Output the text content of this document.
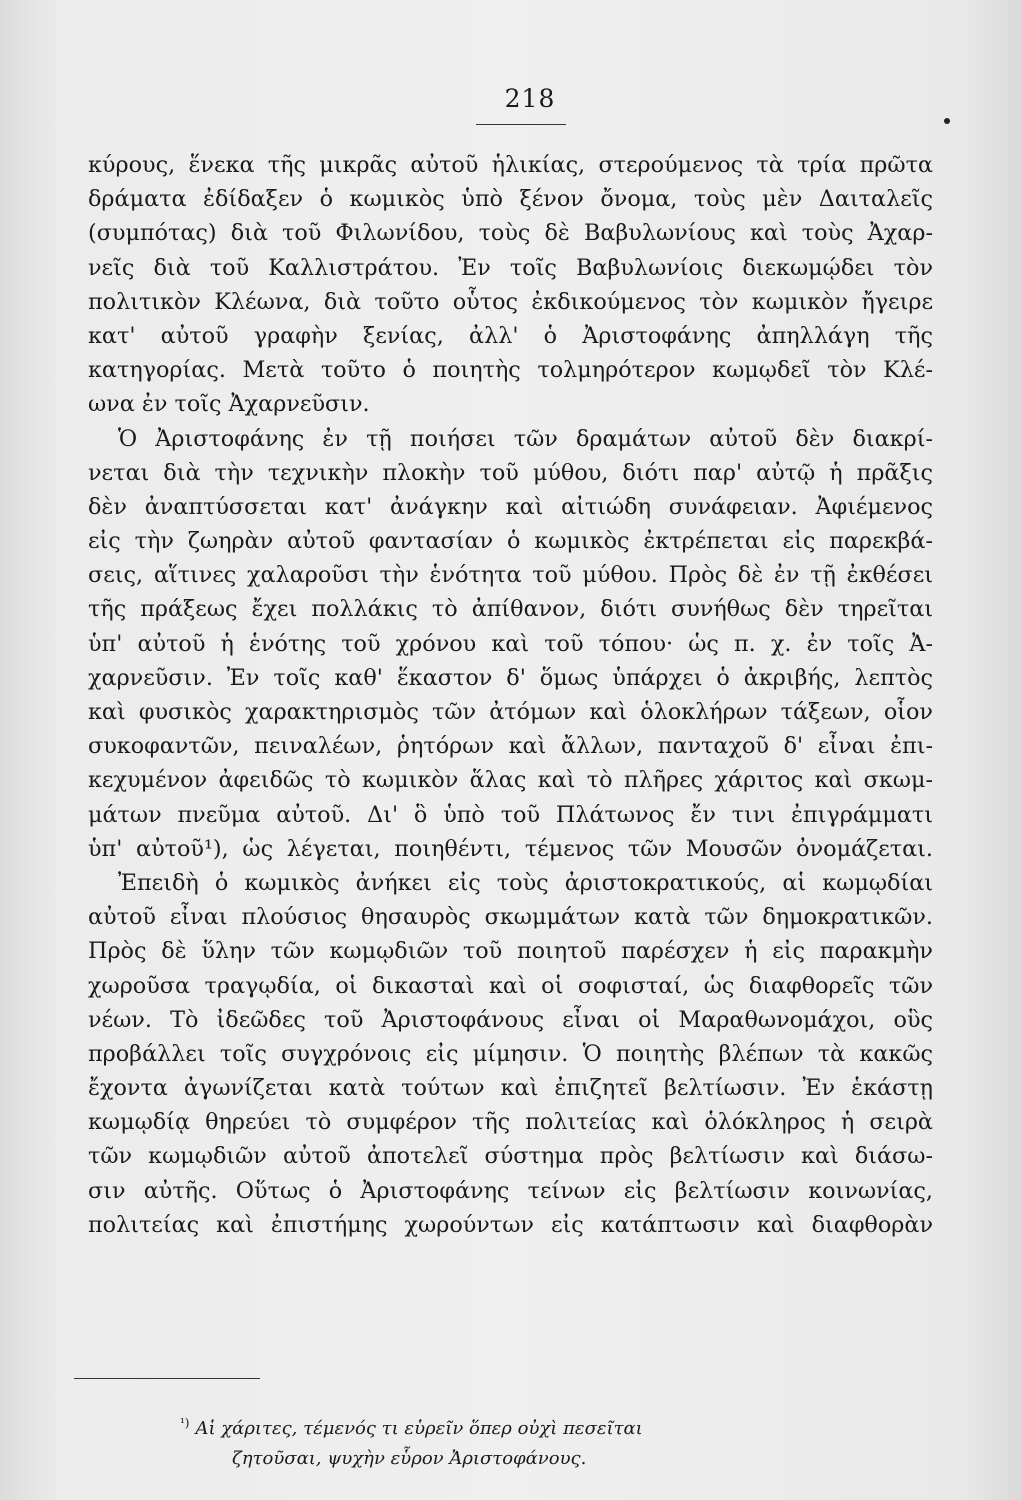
218
κύρους, ἕνεκα τῆς μικρᾶς αὐτοῦ ἡλικίας, στερούμενος τὰ τρία πρῶτα
δράματα ἐδίδαξεν ὁ κωμικὸς ὑπὸ ξένον ὄνομα, τοὺς μὲν Δαιταλεῖς
(συμπότας) διὰ τοῦ Φιλωνίδου, τοὺς δὲ Βαβυλωνίους καὶ τοὺς Ἀχαρ-
νεῖς διὰ τοῦ Καλλιστράτου. Ἐν τοῖς Βαβυλωνίοις διεκωμῴδει τὸν
πολιτικὸν Κλέωνα, διὰ τοῦτο οὗτος ἐκδικούμενος τὸν κωμικὸν ἤγειρε
κατ' αὐτοῦ γραφὴν ξενίας, ἀλλ' ὁ Ἀριστοφάνης ἀπηλλάγη τῆς
κατηγορίας. Μετὰ τοῦτο ὁ ποιητὴς τολμηρότερον κωμῳδεῖ τὸν Κλέ-
ωνα ἐν τοῖς Ἀχαρνεῦσιν.
Ὁ Ἀριστοφάνης ἐν τῇ ποιήσει τῶν δραμάτων αὐτοῦ δὲν διακρί-
νεται διὰ τὴν τεχνικὴν πλοκὴν τοῦ μύθου, διότι παρ' αὐτῷ ἡ πρᾶξις
δὲν ἀναπτύσσεται κατ' ἀνάγκην καὶ αἰτιώδη συνάφειαν. Ἀφιέμενος
εἰς τὴν ζωηρὰν αὐτοῦ φαντασίαν ὁ κωμικὸς ἐκτρέπεται εἰς παρεκβά-
σεις, αἵτινες χαλαροῦσι τὴν ἑνότητα τοῦ μύθου. Πρὸς δὲ ἐν τῇ ἐκθέσει
τῆς πράξεως ἔχει πολλάκις τὸ ἀπίθανον, διότι συνήθως δὲν τηρεῖται
ὑπ' αὐτοῦ ἡ ἑνότης τοῦ χρόνου καὶ τοῦ τόπου· ὡς π. χ. ἐν τοῖς Ἀ-
χαρνεῦσιν. Ἐν τοῖς καθ' ἕκαστον δ' ὅμως ὑπάρχει ὁ ἀκριβής, λεπτὸς
καὶ φυσικὸς χαρακτηρισμὸς τῶν ἀτόμων καὶ ὁλοκλήρων τάξεων, οἷον
συκοφαντῶν, πειναλέων, ῥητόρων καὶ ἄλλων, πανταχοῦ δ' εἶναι ἐπι-
κεχυμένον ἀφειδῶς τὸ κωμικὸν ἅλας καὶ τὸ πλῆρες χάριτος καὶ σκωμ-
μάτων πνεῦμα αὐτοῦ. Δι' ὃ ὑπὸ τοῦ Πλάτωνος ἔν τινι ἐπιγράμματι
ὑπ' αὐτοῦ¹), ὡς λέγεται, ποιηθέντι, τέμενος τῶν Μουσῶν ὀνομάζεται.
Ἐπειδὴ ὁ κωμικὸς ἀνήκει εἰς τοὺς ἀριστοκρατικούς, αἱ κωμῳδίαι
αὐτοῦ εἶναι πλούσιος θησαυρὸς σκωμμάτων κατὰ τῶν δημοκρατικῶν.
Πρὸς δὲ ὕλην τῶν κωμῳδιῶν τοῦ ποιητοῦ παρέσχεν ἡ εἰς παρακμὴν
χωροῦσα τραγῳδία, οἱ δικασταὶ καὶ οἱ σοφισταί, ὡς διαφθορεῖς τῶν
νέων. Τὸ ἰδεῶδες τοῦ Ἀριστοφάνους εἶναι οἱ Μαραθωνομάχοι, οὓς
προβάλλει τοῖς συγχρόνοις εἰς μίμησιν. Ὁ ποιητὴς βλέπων τὰ κακῶς
ἔχοντα ἀγωνίζεται κατὰ τούτων καὶ ἐπιζητεῖ βελτίωσιν. Ἐν ἑκάστῃ
κωμῳδίᾳ θηρεύει τὸ συμφέρον τῆς πολιτείας καὶ ὁλόκληρος ἡ σειρὰ
τῶν κωμῳδιῶν αὐτοῦ ἀποτελεῖ σύστημα πρὸς βελτίωσιν καὶ διάσω-
σιν αὐτῆς. Οὕτως ὁ Ἀριστοφάνης τείνων εἰς βελτίωσιν κοινωνίας,
πολιτείας καὶ ἐπιστήμης χωρούντων εἰς κατάπτωσιν καὶ διαφθορὰν
$^{^1)}$ Αἱ χάριτες, τέμενός τι εὑρεῖν ὅπερ οὐχὶ πεσεῖται
ζητοῦσαι, ψυχὴν εὗρον Ἀριστοφάνους.
